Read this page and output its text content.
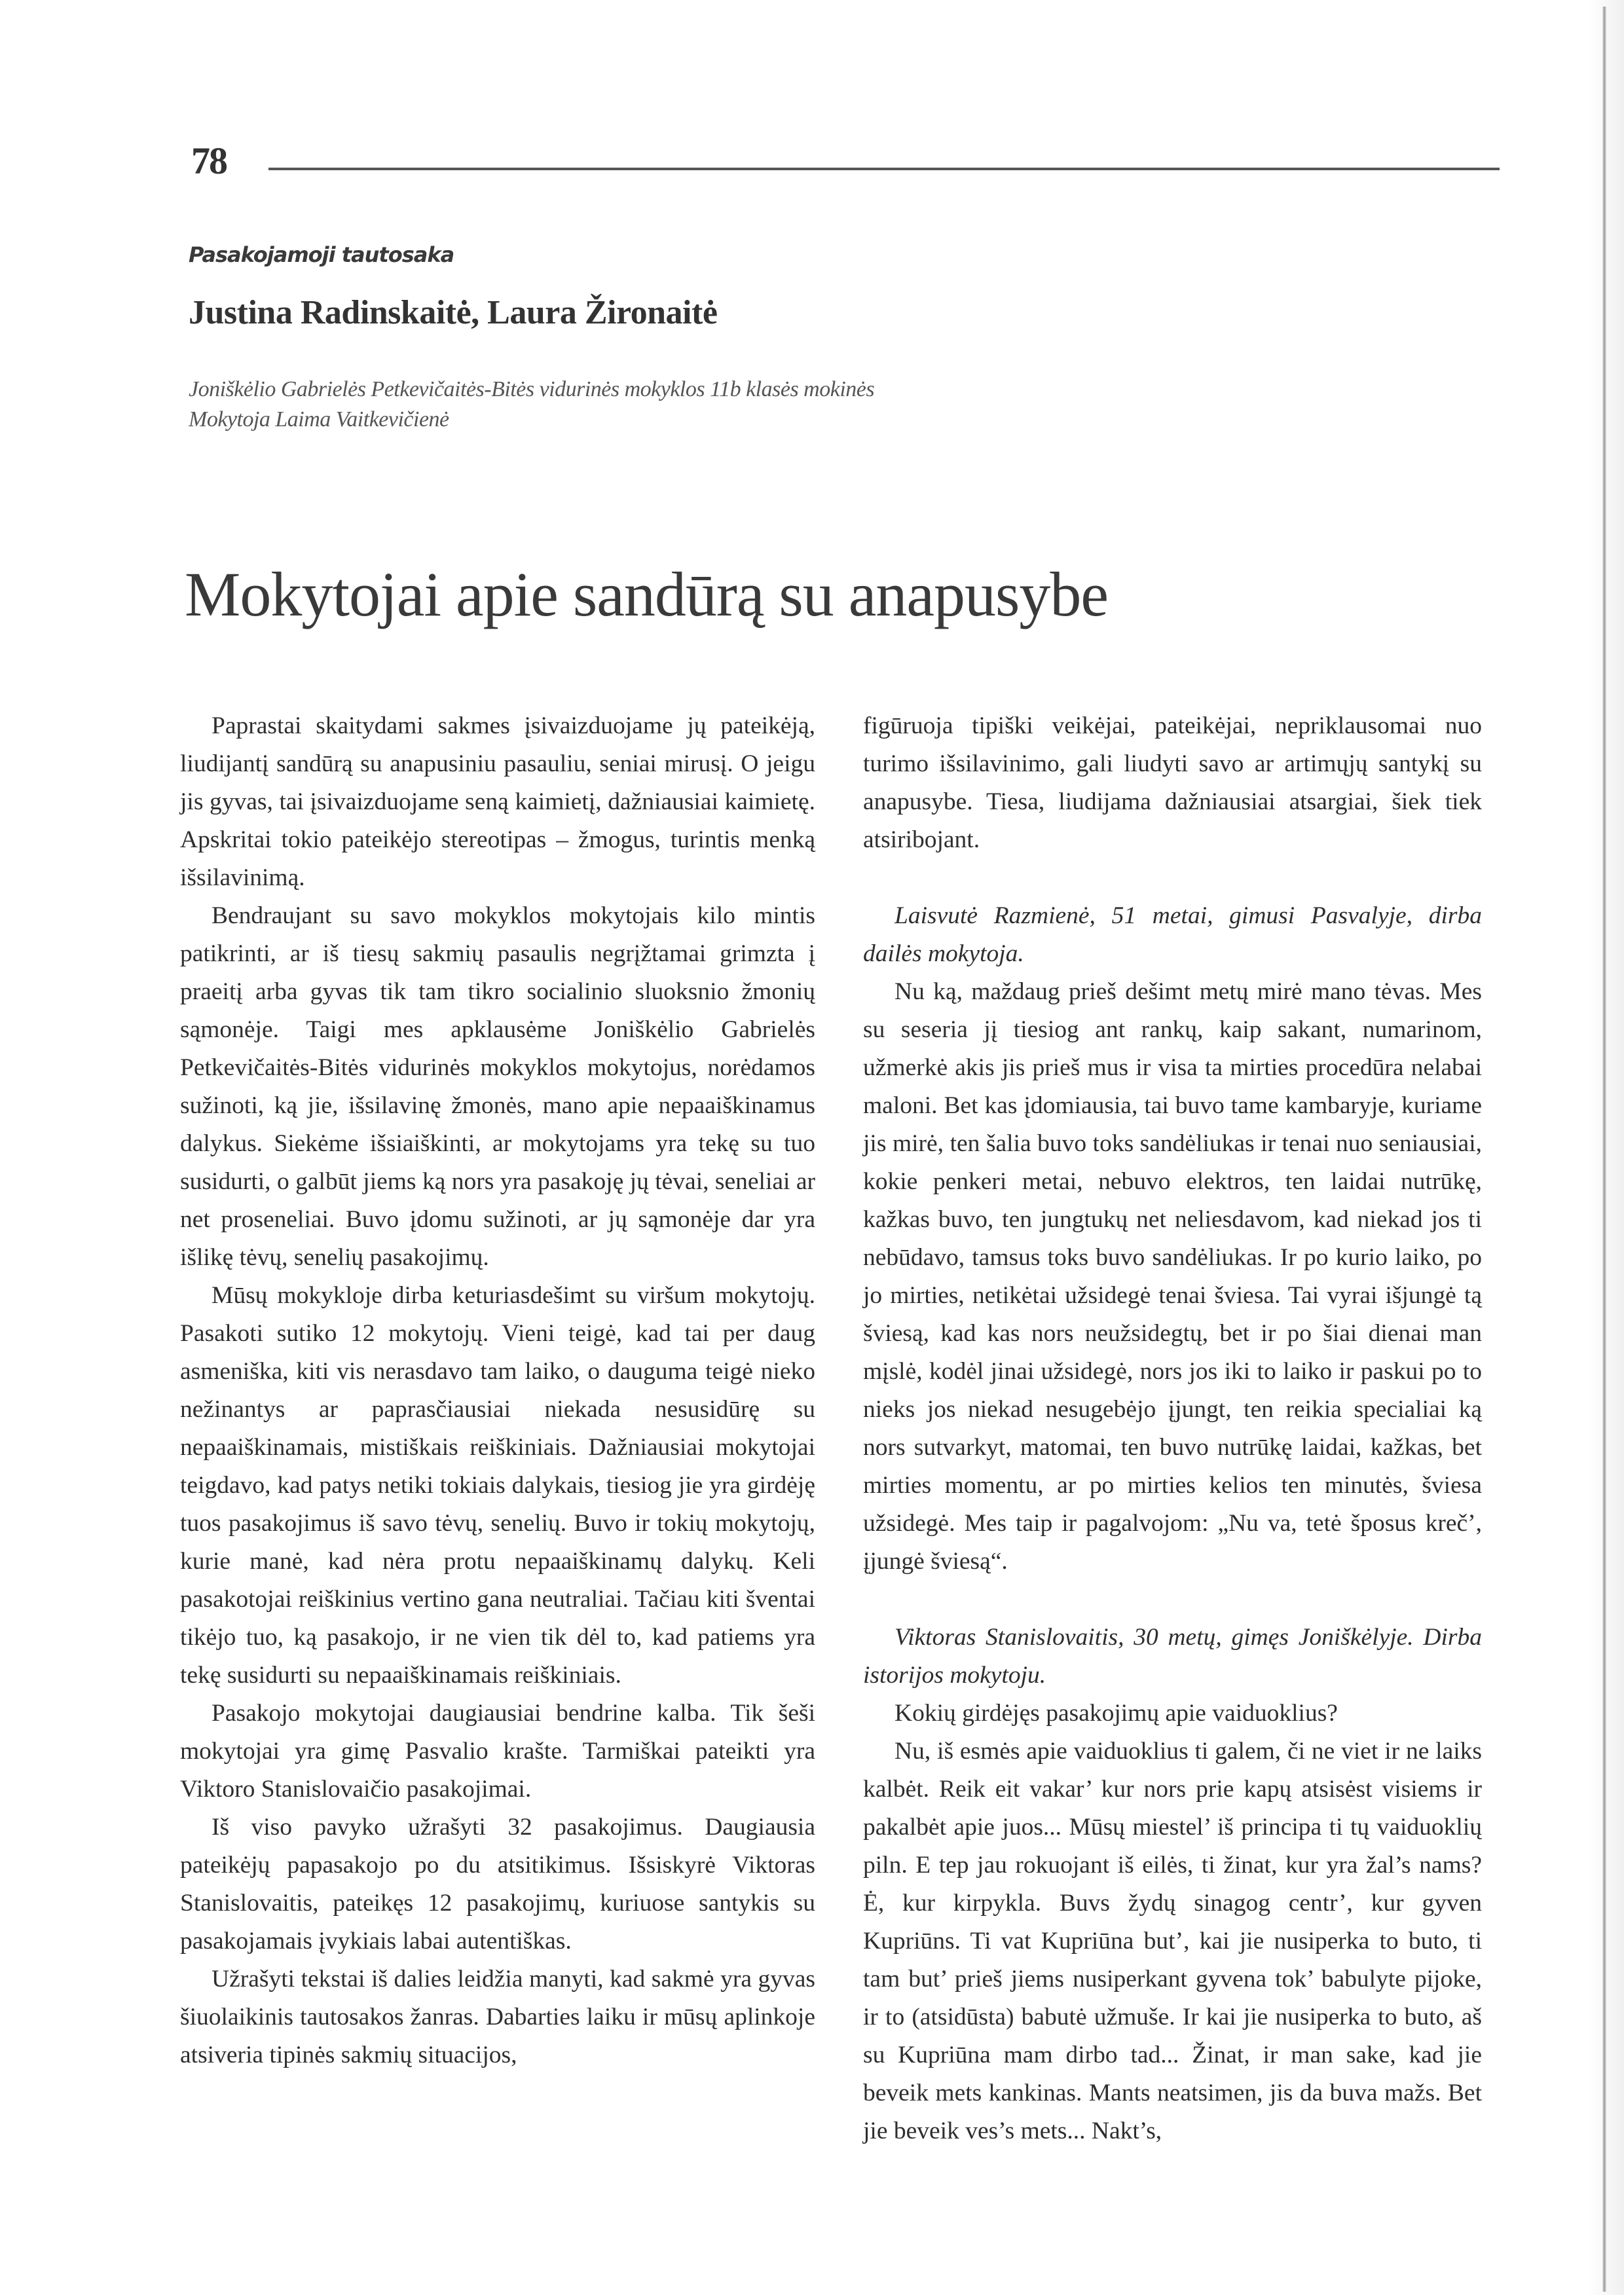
78
Pasakojamoji tautosaka
Justina Radinskaitė, Laura Žironaitė
Joniškėlio Gabrielės Petkevičaitės-Bitės vidurinės mokyklos 11b klasės mokinės
Mokytoja Laima Vaitkevičienė
Mokytojai apie sandūrą su anapusybe

Paprastai skaitydami sakmes įsivaizduojame jų pateikėją, liudijantį sandūrą su anapusiniu pasauliu, seniai mirusį. O jeigu jis gyvas, tai įsivaizduojame seną kaimietį, dažniausiai kaimietę. Apskritai tokio pateikėjo stereotipas – žmogus, turintis menką išsilavinimą.

Bendraujant su savo mokyklos mokytojais kilo mintis patikrinti, ar iš tiesų sakmių pasaulis negrįžtamai grimzta į praeitį arba gyvas tik tam tikro socialinio sluoksnio žmonių sąmonėje. Taigi mes apklausėme Joniškėlio Gabrielės Petkevičaitės-Bitės vidurinės mokyklos mokytojus, norėdamos sužinoti, ką jie, išsilavinę žmonės, mano apie nepaaiškinamus dalykus. Siekėme išsiaiškinti, ar mokytojams yra tekę su tuo susidurti, o galbūt jiems ką nors yra pasakoję jų tėvai, seneliai ar net proseneliai. Buvo įdomu sužinoti, ar jų sąmonėje dar yra išlikę tėvų, senelių pasakojimų.

Mūsų mokykloje dirba keturiasdešimt su viršum mokytojų. Pasakoti sutiko 12 mokytojų. Vieni teigė, kad tai per daug asmeniška, kiti vis nerasdavo tam laiko, o dauguma teigė nieko nežinantys ar paprasčiausiai niekada nesusidūrę su nepaaiškinamais, mistiškais reiškiniais. Dažniausiai mokytojai teigdavo, kad patys netiki tokiais dalykais, tiesiog jie yra girdėję tuos pasakojimus iš savo tėvų, senelių. Buvo ir tokių mokytojų, kurie manė, kad nėra protu nepaaiškinamų dalykų. Keli pasakotojai reiškinius vertino gana neutraliai. Tačiau kiti šventai tikėjo tuo, ką pasakojo, ir ne vien tik dėl to, kad patiems yra tekę susidurti su nepaaiškinamais reiškiniais.

Pasakojo mokytojai daugiausiai bendrine kalba. Tik šeši mokytojai yra gimę Pasvalio krašte. Tarmiškai pateikti yra Viktoro Stanislovaičio pasakojimai.

Iš viso pavyko užrašyti 32 pasakojimus. Daugiausia pateikėjų papasakojo po du atsitikimus. Išsiskyrė Viktoras Stanislovaitis, pateikęs 12 pasakojimų, kuriuose santykis su pasakojamais įvykiais labai autentiškas.

Užrašyti tekstai iš dalies leidžia manyti, kad sakmė yra gyvas šiuolaikinis tautosakos žanras. Dabarties laiku ir mūsų aplinkoje atsiveria tipinės sakmių situacijos,

figūruoja tipiški veikėjai, pateikėjai, nepriklausomai nuo turimo išsilavinimo, gali liudyti savo ar artimųjų santykį su anapusybe. Tiesa, liudijama dažniausiai atsargiai, šiek tiek atsiribojant.

Laisvutė Razmienė, 51 metai, gimusi Pasvalyje, dirba dailės mokytoja.

Nu ką, maždaug prieš dešimt metų mirė mano tėvas. Mes su seseria jį tiesiog ant rankų, kaip sakant, numarinom, užmerkė akis jis prieš mus ir visa ta mirties procedūra nelabai maloni. Bet kas įdomiausia, tai buvo tame kambaryje, kuriame jis mirė, ten šalia buvo toks sandėliukas ir tenai nuo seniausiai, kokie penkeri metai, nebuvo elektros, ten laidai nutrūkę, kažkas buvo, ten jungtukų net neliesdavom, kad niekad jos ti nebūdavo, tamsus toks buvo sandėliukas. Ir po kurio laiko, po jo mirties, netikėtai užsidegė tenai šviesa. Tai vyrai išjungė tą šviesą, kad kas nors neužsidegtų, bet ir po šiai dienai man mįslė, kodėl jinai užsidegė, nors jos iki to laiko ir paskui po to nieks jos niekad nesugebėjo įjungt, ten reikia specialiai ką nors sutvarkyt, matomai, ten buvo nutrūkę laidai, kažkas, bet mirties momentu, ar po mirties kelios ten minutės, šviesa užsidegė. Mes taip ir pagalvojom: „Nu va, tetė šposus kreč’, įjungė šviesą“.

Viktoras Stanislovaitis, 30 metų, gimęs Joniškėlyje. Dirba istorijos mokytoju.

Kokių girdėjęs pasakojimų apie vaiduoklius?

Nu, iš esmės apie vaiduoklius ti galem, či ne viet ir ne laiks kalbėt. Reik eit vakar’ kur nors prie kapų atsisėst visiems ir pakalbėt apie juos... Mūsų miestel’ iš principa ti tų vaiduoklių piln. E tep jau rokuojant iš eilės, ti žinat, kur yra žal’s nams? Ė, kur kirpykla. Buvs žydų sinagog centr’, kur gyven Kupriūns. Ti vat Kupriūna but’, kai jie nusiperka to buto, ti tam but’ prieš jiems nusiperkant gyvena tok’ babulyte pijoke, ir to (atsidūsta) babutė užmuše. Ir kai jie nusiperka to buto, aš su Kupriūna mam dirbo tad... Žinat, ir man sake, kad jie beveik mets kankinas. Mants neatsimen, jis da buva mažs. Bet jie beveik ves’s mets... Nakt’s,
